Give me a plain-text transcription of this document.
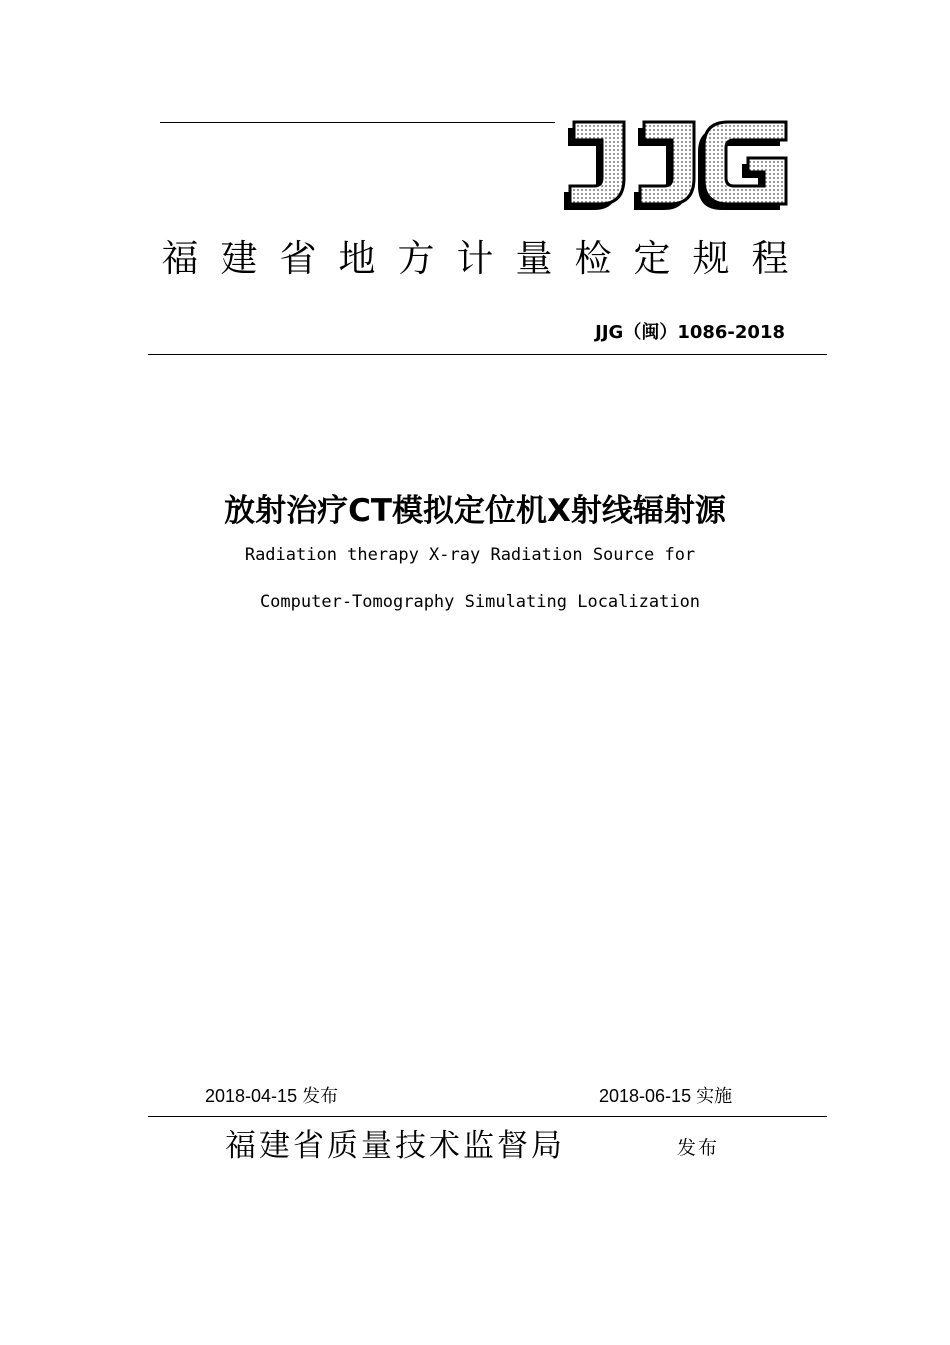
福建省地方计量检定规程
JJG（闽）1086-2018
放射治疗CT模拟定位机X射线辐射源
Radiation therapy X-ray Radiation Source for
Computer-Tomography Simulating Localization
2018-04-15 发布	2018-06-15 实施
福建省质量技术监督局	发布
